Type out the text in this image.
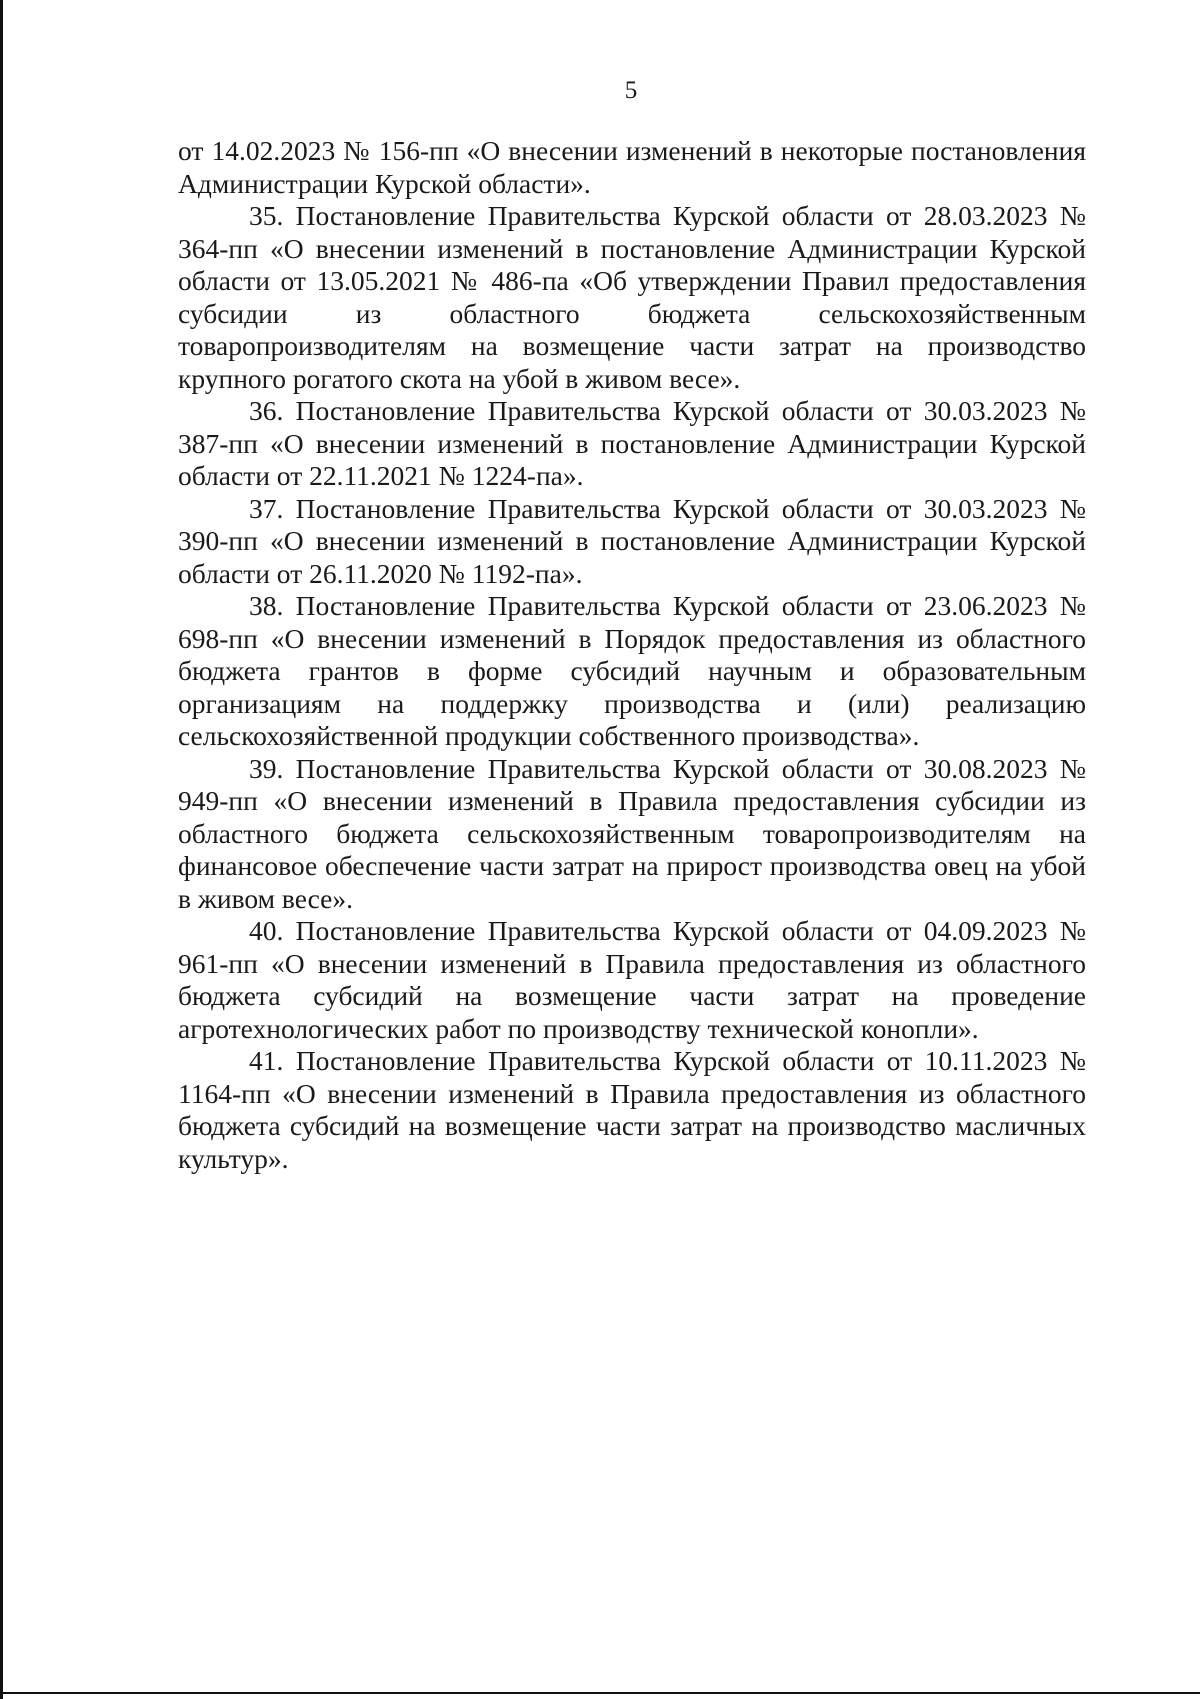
5

от 14.02.2023 № 156-пп «О внесении изменений в некоторые постановления Администрации Курской области».

35. Постановление Правительства Курской области от 28.03.2023 № 364-пп «О внесении изменений в постановление Администрации Курской области от 13.05.2021 № 486-па «Об утверждении Правил предоставления субсидии из областного бюджета сельскохозяйственным товаропроизводителям на возмещение части затрат на производство крупного рогатого скота на убой в живом весе».

36. Постановление Правительства Курской области от 30.03.2023 № 387-пп «О внесении изменений в постановление Администрации Курской области от 22.11.2021 № 1224-па».

37. Постановление Правительства Курской области от 30.03.2023 № 390-пп «О внесении изменений в постановление Администрации Курской области от 26.11.2020 № 1192-па».

38. Постановление Правительства Курской области от 23.06.2023 № 698-пп «О внесении изменений в Порядок предоставления из областного бюджета грантов в форме субсидий научным и образовательным организациям на поддержку производства и (или) реализацию сельскохозяйственной продукции собственного производства».

39. Постановление Правительства Курской области от 30.08.2023 № 949-пп «О внесении изменений в Правила предоставления субсидии из областного бюджета сельскохозяйственным товаропроизводителям на финансовое обеспечение части затрат на прирост производства овец на убой в живом весе».

40. Постановление Правительства Курской области от 04.09.2023 № 961-пп «О внесении изменений в Правила предоставления из областного бюджета субсидий на возмещение части затрат на проведение агротехнологических работ по производству технической конопли».

41. Постановление Правительства Курской области от 10.11.2023 № 1164-пп «О внесении изменений в Правила предоставления из областного бюджета субсидий на возмещение части затрат на производство масличных культур».
